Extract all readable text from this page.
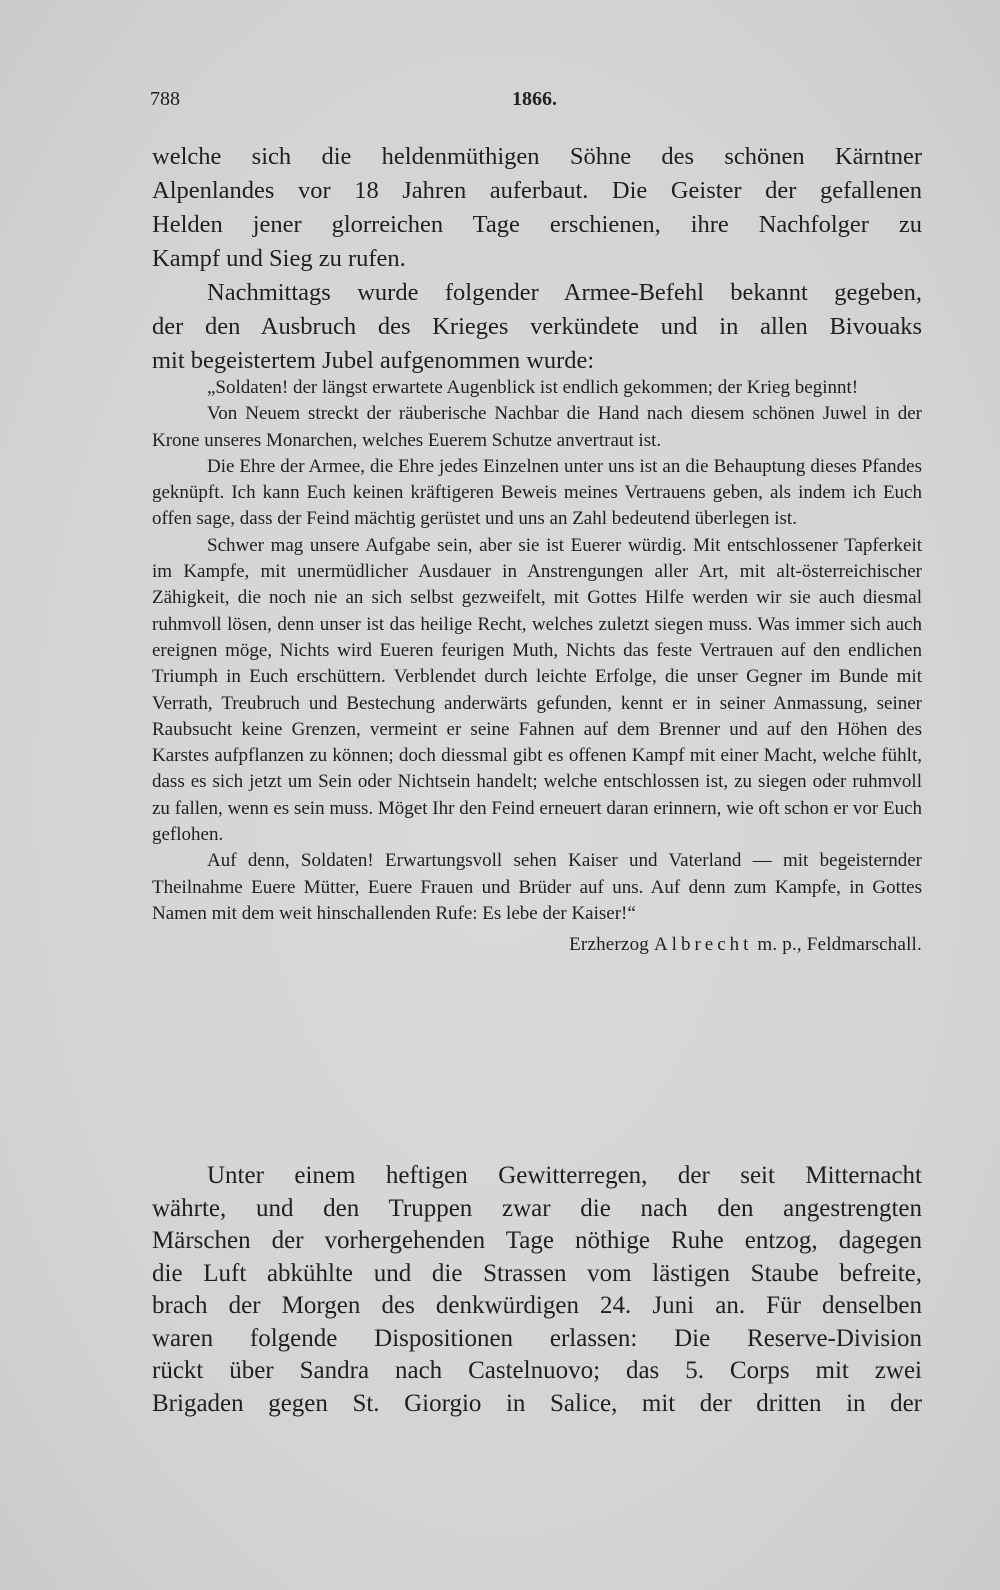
788	1866.

welche sich die heldenmüthigen Söhne des schönen Kärntner

Alpenlandes vor 18 Jahren auferbaut. Die Geister der gefallenen

Helden jener glorreichen Tage erschienen, ihre Nachfolger zu

Kampf und Sieg zu rufen.

Nachmittags wurde folgender Armee-Befehl bekannt gegeben,

der den Ausbruch des Krieges verkündete und in allen Bivouaks

mit begeistertem Jubel aufgenommen wurde:

„Soldaten! der längst erwartete Augenblick ist endlich gekommen; der Krieg beginnt!

Von Neuem streckt der räuberische Nachbar die Hand nach diesem schönen Juwel in der Krone unseres Monarchen, welches Euerem Schutze anvertraut ist.

Die Ehre der Armee, die Ehre jedes Einzelnen unter uns ist an die Behauptung dieses Pfandes geknüpft. Ich kann Euch keinen kräftigeren Beweis meines Vertrauens geben, als indem ich Euch offen sage, dass der Feind mächtig gerüstet und uns an Zahl bedeutend überlegen ist.

Schwer mag unsere Aufgabe sein, aber sie ist Euerer würdig. Mit entschlossener Tapferkeit im Kampfe, mit unermüdlicher Ausdauer in Anstrengungen aller Art, mit alt-österreichischer Zähigkeit, die noch nie an sich selbst gezweifelt, mit Gottes Hilfe werden wir sie auch diesmal ruhmvoll lösen, denn unser ist das heilige Recht, welches zuletzt siegen muss. Was immer sich auch ereignen möge, Nichts wird Eueren feurigen Muth, Nichts das feste Vertrauen auf den endlichen Triumph in Euch erschüttern. Verblendet durch leichte Erfolge, die unser Gegner im Bunde mit Verrath, Treubruch und Bestechung anderwärts gefunden, kennt er in seiner Anmassung, seiner Raubsucht keine Grenzen, vermeint er seine Fahnen auf dem Brenner und auf den Höhen des Karstes aufpflanzen zu können; doch diessmal gibt es offenen Kampf mit einer Macht, welche fühlt, dass es sich jetzt um Sein oder Nichtsein handelt; welche entschlossen ist, zu siegen oder ruhmvoll zu fallen, wenn es sein muss. Möget Ihr den Feind erneuert daran erinnern, wie oft schon er vor Euch geflohen.

Auf denn, Soldaten! Erwartungsvoll sehen Kaiser und Vaterland — mit begeisternder Theilnahme Euere Mütter, Euere Frauen und Brüder auf uns. Auf denn zum Kampfe, in Gottes Namen mit dem weit hinschallenden Rufe: Es lebe der Kaiser!“

Erzherzog Albrecht m. p., Feldmarschall.

Unter einem heftigen Gewitterregen, der seit Mitternacht

währte, und den Truppen zwar die nach den angestrengten

Märschen der vorhergehenden Tage nöthige Ruhe entzog, dagegen

die Luft abkühlte und die Strassen vom lästigen Staube befreite,

brach der Morgen des denkwürdigen 24. Juni an. Für denselben

waren folgende Dispositionen erlassen: Die Reserve-Division

rückt über Sandra nach Castelnuovo; das 5. Corps mit zwei

Brigaden gegen St. Giorgio in Salice, mit der dritten in der
